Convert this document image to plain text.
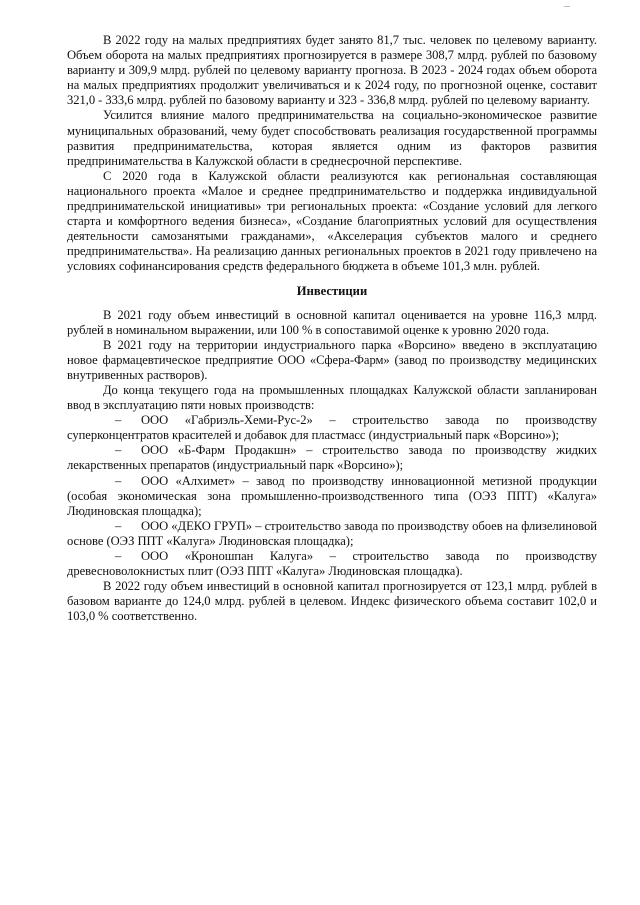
В 2022 году на малых предприятиях будет занято 81,7 тыс. человек по целевому варианту. Объем оборота на малых предприятиях прогнозируется в размере 308,7 млрд. рублей по базовому варианту и 309,9 млрд. рублей по целевому варианту прогноза. В 2023 - 2024 годах объем оборота на малых предприятиях продолжит увеличиваться и к 2024 году, по прогнозной оценке, составит 321,0 - 333,6 млрд. рублей по базовому варианту и 323 - 336,8 млрд. рублей по целевому варианту.

Усилится влияние малого предпринимательства на социально-экономическое развитие муниципальных образований, чему будет способствовать реализация государственной программы развития предпринимательства, которая является одним из факторов развития предпринимательства в Калужской области в среднесрочной перспективе.

С 2020 года в Калужской области реализуются как региональная составляющая национального проекта «Малое и среднее предпринимательство и поддержка индивидуальной предпринимательской инициативы» три региональных проекта: «Создание условий для легкого старта и комфортного ведения бизнеса», «Создание благоприятных условий для осуществления деятельности самозанятыми гражданами», «Акселерация субъектов малого и среднего предпринимательства». На реализацию данных региональных проектов в 2021 году привлечено на условиях софинансирования средств федерального бюджета в объеме 101,3 млн. рублей.

Инвестиции

В 2021 году объем инвестиций в основной капитал оценивается на уровне 116,3 млрд. рублей в номинальном выражении, или 100 % в сопоставимой оценке к уровню 2020 года.

В 2021 году на территории индустриального парка «Ворсино» введено в эксплуатацию новое фармацевтическое предприятие ООО «Сфера-Фарм» (завод по производству медицинских внутривенных растворов).

До конца текущего года на промышленных площадках Калужской области запланирован ввод в эксплуатацию пяти новых производств:

– ООО «Габриэль-Хеми-Рус-2» – строительство завода по производству суперконцентратов красителей и добавок для пластмасс (индустриальный парк «Ворсино»);

– ООО «Б-Фарм Продакшн» – строительство завода по производству жидких лекарственных препаратов (индустриальный парк «Ворсино»);

– ООО «Алхимет» – завод по производству инновационной метизной продукции (особая экономическая зона промышленно-производственного типа (ОЭЗ ППТ) «Калуга» Людиновская площадка);

– ООО «ДЕКО ГРУП» – строительство завода по производству обоев на флизелиновой основе (ОЭЗ ППТ «Калуга» Людиновская площадка);

– ООО «Кроношпан Калуга» – строительство завода по производству древесноволокнистых плит (ОЭЗ ППТ «Калуга» Людиновская площадка).

В 2022 году объем инвестиций в основной капитал прогнозируется от 123,1 млрд. рублей в базовом варианте до 124,0 млрд. рублей в целевом. Индекс физического объема составит 102,0 и 103,0 % соответственно.
